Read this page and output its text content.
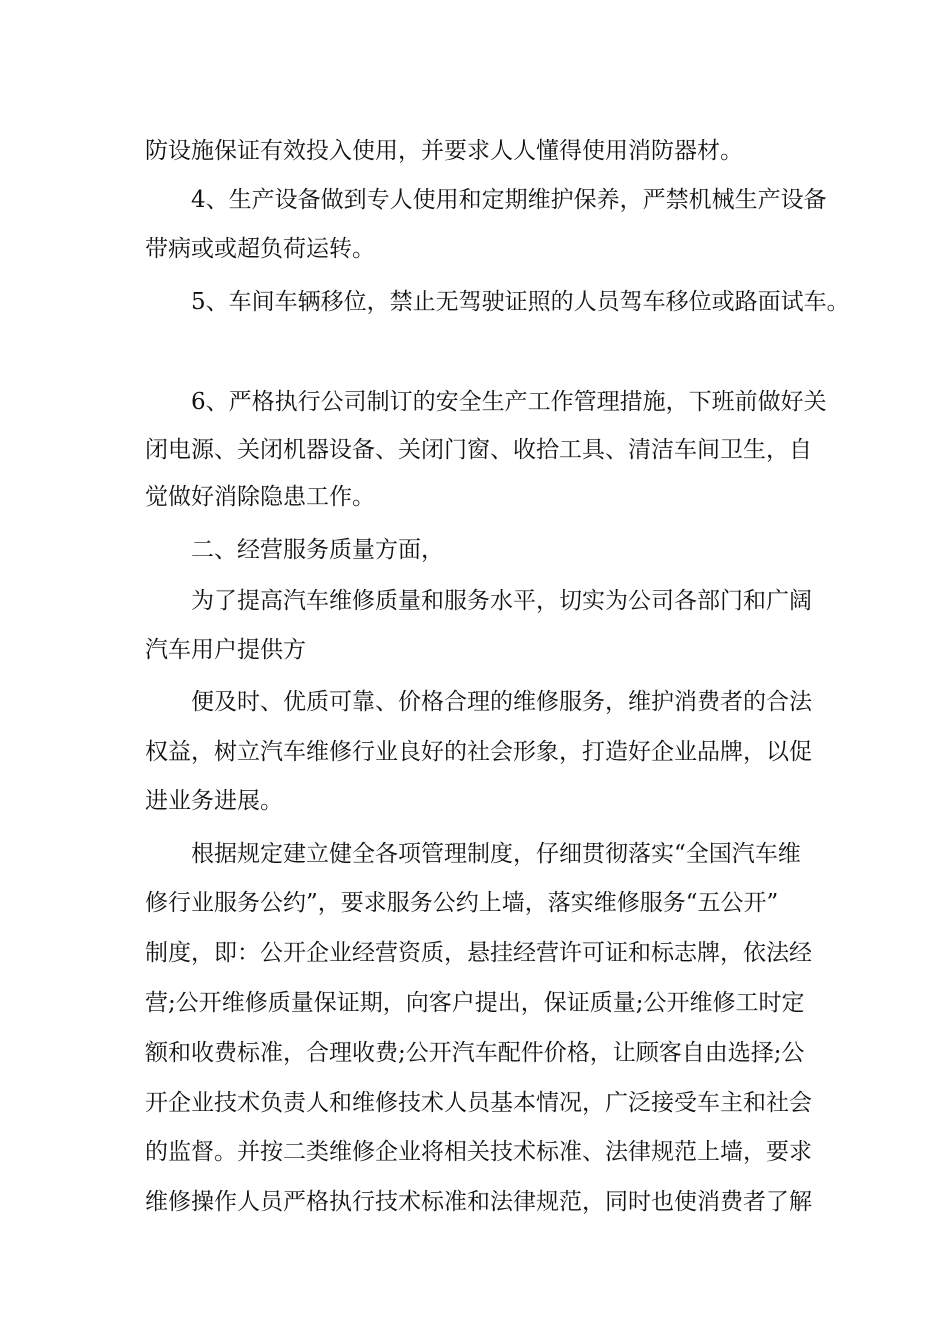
防设施保证有效投入使用，并要求人人懂得使用消防器材。
4、生产设备做到专人使用和定期维护保养，严禁机械生产设备
带病或或超负荷运转。
5、车间车辆移位，禁止无驾驶证照的人员驾车移位或路面试车。
6、严格执行公司制订的安全生产工作管理措施，下班前做好关
闭电源、关闭机器设备、关闭门窗、收拾工具、清洁车间卫生，自
觉做好消除隐患工作。
二、经营服务质量方面，
为了提高汽车维修质量和服务水平，切实为公司各部门和广阔
汽车用户提供方
便及时、优质可靠、价格合理的维修服务，维护消费者的合法
权益，树立汽车维修行业良好的社会形象，打造好企业品牌，以促
进业务进展。
根据规定建立健全各项管理制度，仔细贯彻落实“全国汽车维
修行业服务公约”，要求服务公约上墙，落实维修服务“五公开”
制度，即：公开企业经营资质，悬挂经营许可证和标志牌，依法经
营;公开维修质量保证期，向客户提出，保证质量;公开维修工时定
额和收费标准，合理收费;公开汽车配件价格，让顾客自由选择;公
开企业技术负责人和维修技术人员基本情况，广泛接受车主和社会
的监督。并按二类维修企业将相关技术标准、法律规范上墙，要求
维修操作人员严格执行技术标准和法律规范，同时也使消费者了解
